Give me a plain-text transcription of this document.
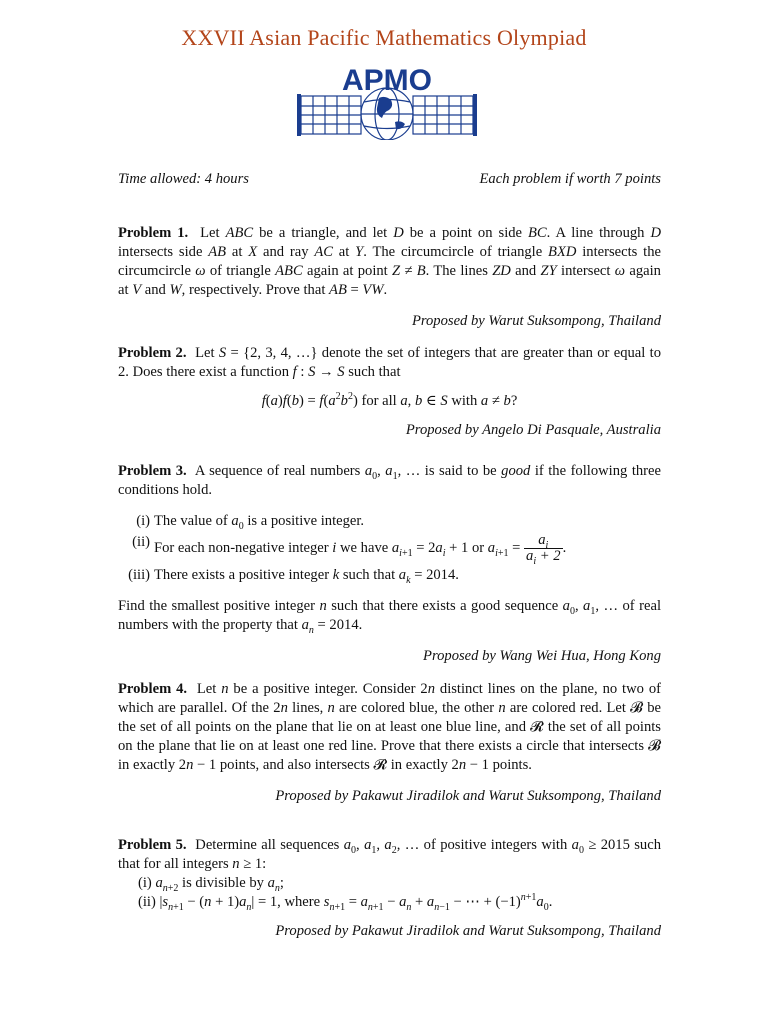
XXVII Asian Pacific Mathematics Olympiad
APMO
Time allowed: 4 hours	Each problem if worth 7 points

Problem 1.  Let ABC be a triangle, and let D be a point on side BC. A line through D intersects side AB at X and ray AC at Y. The circumcircle of triangle BXD intersects the circumcircle ω of triangle ABC again at point Z ≠ B. The lines ZD and ZY intersect ω again at V and W, respectively. Prove that AB = VW.

Proposed by Warut Suksompong, Thailand

Problem 2.  Let S = {2, 3, 4, …} denote the set of integers that are greater than or equal to 2. Does there exist a function f : S → S such that

$f(a)f(b) = f(a^2b^2)$ for all a, b ∈ S with a ≠ b?

Proposed by Angelo Di Pasquale, Australia

Problem 3.  A sequence of real numbers $a_0$, $a_1$, … is said to be good if the following three conditions hold.

(i) The value of $a_0$ is a positive integer.
(ii) For each non-negative integer i we have $a_{i+1} = 2a_i + 1$ or $a_{i+1} = \frac{a_i}{a_i + 2}$ .
(iii) There exists a positive integer k such that $a_k = 2014$.

Find the smallest positive integer n such that there exists a good sequence $a_0$, $a_1$, … of real numbers with the property that $a_n = 2014$.

Proposed by Wang Wei Hua, Hong Kong

Problem 4.  Let n be a positive integer. Consider 2n distinct lines on the plane, no two of which are parallel. Of the 2n lines, n are colored blue, the other n are colored red. Let 𝓑 be the set of all points on the plane that lie on at least one blue line, and 𝓡 the set of all points on the plane that lie on at least one red line. Prove that there exists a circle that intersects 𝓑 in exactly 2n − 1 points, and also intersects 𝓡 in exactly 2n − 1 points.

Proposed by Pakawut Jiradilok and Warut Suksompong, Thailand

Problem 5.  Determine all sequences $a_0$, $a_1$, $a_2$, … of positive integers with $a_0 \ge 2015$ such that for all integers n ≥ 1:

(i) $a_{n+2}$ is divisible by $a_n$;
(ii) $|s_{n+1} - (n + 1)a_n| = 1$, where $s_{n+1} = a_{n+1} - a_n + a_{n-1}$ − ⋯ + $(-1)^{n+1}a_0$.

Proposed by Pakawut Jiradilok and Warut Suksompong, Thailand
